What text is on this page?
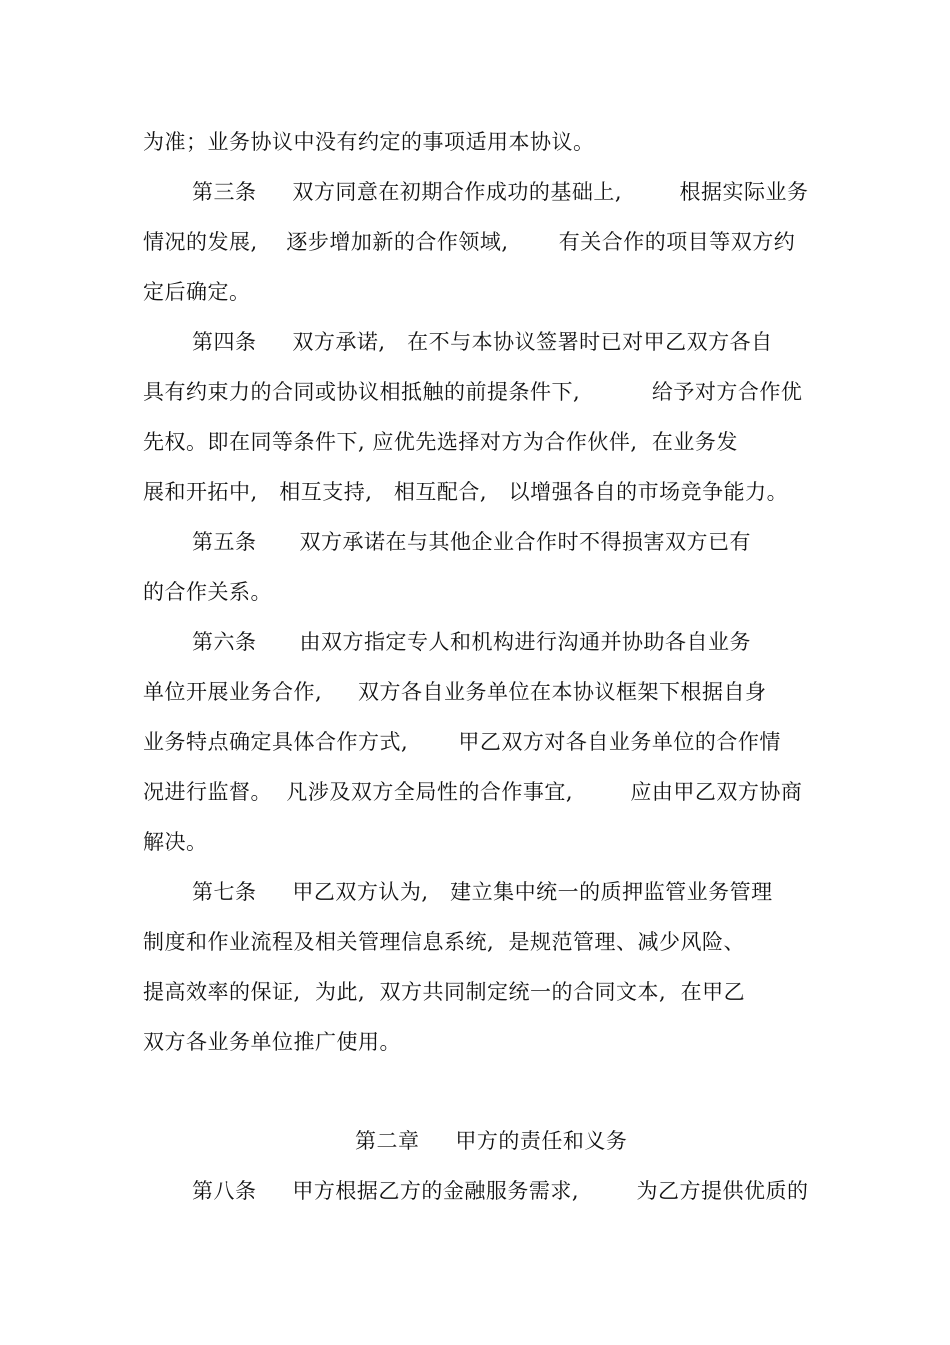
为准；业务协议中没有约定的事项适用本协议。
第三条     双方同意在初期合作成功的基础上,        根据实际业务
情况的发展,    逐步增加新的合作领域,       有关合作的项目等双方约
定后确定。
第四条     双方承诺,   在不与本协议签署时已对甲乙双方各自
具有约束力的合同或协议相抵触的前提条件下,          给予对方合作优
先权。即在同等条件下, 应优先选择对方为合作伙伴,  在业务发
展和开拓中,   相互支持,   相互配合,   以增强各自的市场竞争能力。
第五条      双方承诺在与其他企业合作时不得损害双方已有
的合作关系。
第六条      由双方指定专人和机构进行沟通并协助各自业务
单位开展业务合作,     双方各自业务单位在本协议框架下根据自身
业务特点确定具体合作方式,       甲乙双方对各自业务单位的合作情
况进行监督。  凡涉及双方全局性的合作事宜,        应由甲乙双方协商
解决。
第七条     甲乙双方认为,   建立集中统一的质押监管业务管理
制度和作业流程及相关管理信息系统,  是规范管理、减少风险、
提高效率的保证,  为此,  双方共同制定统一的合同文本,  在甲乙
双方各业务单位推广使用。
第二章     甲方的责任和义务
第八条     甲方根据乙方的金融服务需求,        为乙方提供优质的
